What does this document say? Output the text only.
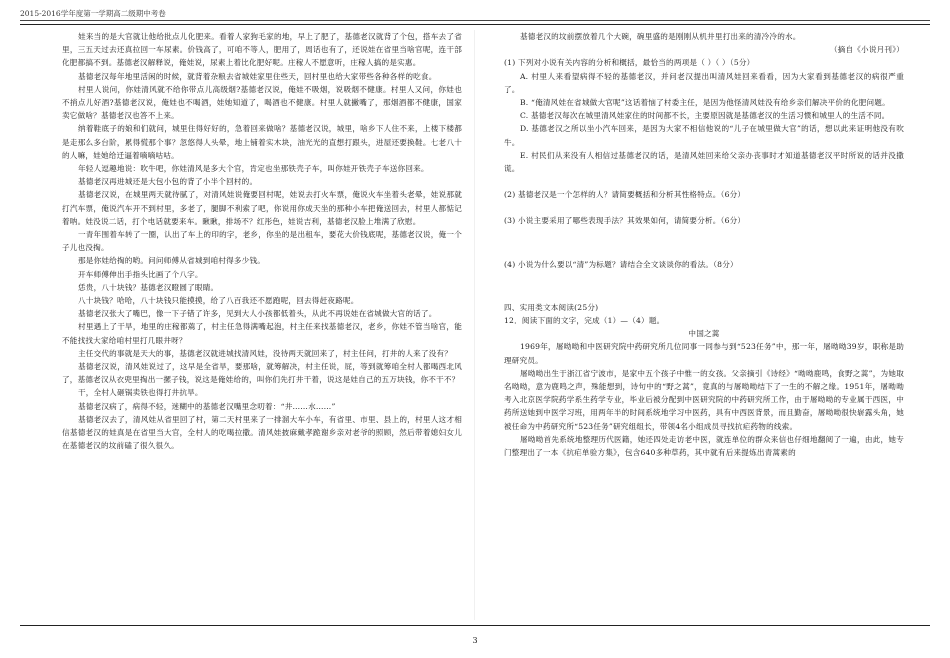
2015-2016学年度第一学期高二级期中考卷

娃来当的是大官就让他给批点儿化肥来。看着人家狗毛家的地，早上了肥了，基德老汉就背了个包，搭车去了省里，三五天过去还真拉回一车尿素。价钱高了，可咱不等人，肥用了，周话也有了，还说娃在省里当啥官呢，连干部化肥都搞不到。基德老汉解释说，俺娃说，尿素上着比化肥好呢。庄稼人不愿意听，庄稼人搞的是实惠。

基德老汉每年地里活闲的时候，就背着杂粮去省城娃家里住些天，回村里也给大家带些各种各样的吃食。

村里人说问，你娃清风就不给你带点儿高级烟?基德老汉说，俺娃不吸烟，说吸烟不健康。村里人又问，你娃也不捎点儿好酒?基德老汉说，俺娃也不喝酒，娃她知道了，喝酒也不健康。村里人就撇嘴了，那烟酒都不健康，国家卖它做啥？基德老汉也答不上来。

纳着鞋底子的娘和们就问，城里住得好好的，急着回来做啥？基德老汉说，城里，啥乡下人住不来，上楼下楼都是走那么多台阶，累得慌那个事？忽悠得人头晕，地上铺着实木块，油光光的直想打跟头，进屋还要换鞋。七老八十的人嘛，娃她给迁逼着嘀嘀咕咕。

年轻人逗趣地说：吹牛吧，你娃清风是多大个官，肯定也坐那铁壳子车，叫你娃开铁壳子车送你回来。

基德老汉再进城还是大包小包的背了小半个回村的。

基德老汉说，在城里两天就待腻了，对清风娃说俺要回村呢，娃说去打火车票，俺说火车坐着头老晕，娃说那就打汽车票，俺说汽车开不到村里，多老了，腿脚不利索了吧，你说用你成天坐的那种小车把俺送回去，村里人都惦记着呐。娃没说二话，打个电话就要来车。瞅瞅，排场不？红彤色，娃说吉利，基德老汉脸上堆满了欣慰。

一青年围着车转了一圈，认出了车上的印的字，老乡，你坐的是出租车，要花大价钱底呢，基德老汉说，俺一个子儿也没掏。

那是你娃给掏的哟。问问师傅从省城到咱村得多少钱。

开车师傅伸出手指头比画了个八字。

恁贵，八十块钱？基德老汉瞪圆了眼睛。

八十块钱？哈哈，八十块钱只能摸摸，给了八百我还不愿跑呢，回去得赶夜路呢。

基德老汉张大了嘴巴，像一下子错了许多，见到大人小孩都低着头，从此不再说娃在省城做大官的话了。

村里遇上了干旱，地里的庄稼都蔫了，村主任急得满嘴起泡，村主任来找基德老汉，老乡，你娃不管当啥官，能不能找找大家给咱村里打几眼井呀？

主任交代的事就是天大的事，基德老汉就进城找清风娃，没待两天就回来了，村主任问，打井的人来了没有？

基德老汉说，清风娃说过了，这早是全省旱，要那啥，就筹解决，村主任说，屁，等到就筹咱全村人都喝西北风了，基德老汉从衣兜里掏出一摞子钱，说这是俺娃给的，叫你们先打井干着，说这是娃自己的五万块钱，你不干不？

干，全村人砸锅卖铁也得打井抗旱。

基德老汉病了，病得不轻，迷糊中的基德老汉嘴里念叨着：“井……水……”

基德老汉去了，清风娃从省里回了村，第二天村里来了一排溜大车小车，有省里、市里、县上的，村里人这才相信基德老汉的娃真是在省里当大官，全村人的吃喝拉撒。清风娃披麻戴孝跪谢乡亲对老爷的照顾，然后带着媳妇女儿在基德老汉的坟前磕了很久很久。

基德老汉的坟前摆放着几个大碗，碗里盛的是刚刚从机井里打出来的清冷冷的水。

（摘自《小说月刊》）

(1) 下列对小说有关内容的分析和概括，最恰当的两项是（ ）（ ）（5分）

A. 村里人来看望病得不轻的基德老汉，并问老汉提出叫清风娃回来看看，因为大家看到基德老汉的病很严重了。

B. “俺清风娃在省城做大官呢”这话着恼了村委主任，是因为他怪清风娃没有给乡亲们解决平价的化肥问题。

C. 基德老汉每次在城里清风娃家住的时间都不长，主要原因就是基德老汉的生活习惯和城里人的生活不同。

D. 基德老汉之所以坐小汽车回来，是因为大家不相信他说的“儿子在城里做大官”的话，想以此来证明他没有吹牛。

E. 村民们从来没有人相信过基德老汉的话，是清风娃回来给父亲办丧事时才知道基德老汉平时所说的话并没撒谎。

(2) 基德老汉是一个怎样的人？请简要概括和分析其性格特点。（6分）

(3) 小说主要采用了哪些表现手法？其效果如何，请简要分析。（6分）

(4) 小说为什么要以“清”为标题？请结合全文谈谈你的看法。（8分）

四、实用类文本阅读(25分)

12．阅读下面的文字，完成（1）—（4）题。

中国之蒿

1969年，屠呦呦和中医研究院中药研究所几位同事一同参与到“523任务”中，那一年，屠呦呦39岁，职称是助理研究员。

屠呦呦出生于浙江省宁波市，是家中五个孩子中惟一的女孩。父亲摘引《诗经》“呦呦鹿鸣，食野之蒿”，为她取名呦呦，意为鹿鸣之声，殊能想到，诗句中的“野之蒿”，竟真的与屠呦呦结下了一生的不解之缘。1951年，屠呦呦考入北京医学院药学系生药学专业，毕业后被分配到中医研究院的中药研究所工作，由于屠呦呦的专业属于西医，中药所送她到中医学习班，用两年半的时间系统地学习中医药，具有中西医背景，而且勤奋，屠呦呦很快崭露头角，她被任命为中药研究所“523任务”研究组组长，带领4名小组成员寻找抗疟药物的线索。

屠呦呦首先系统地整理历代医籍，她还四处走访老中医，就连单位的群众来信也仔细地翻阅了一遍，由此，她专门整理出了一本《抗疟单验方集》，包含640多种草药，其中就有后来提炼出青蒿素的

3
